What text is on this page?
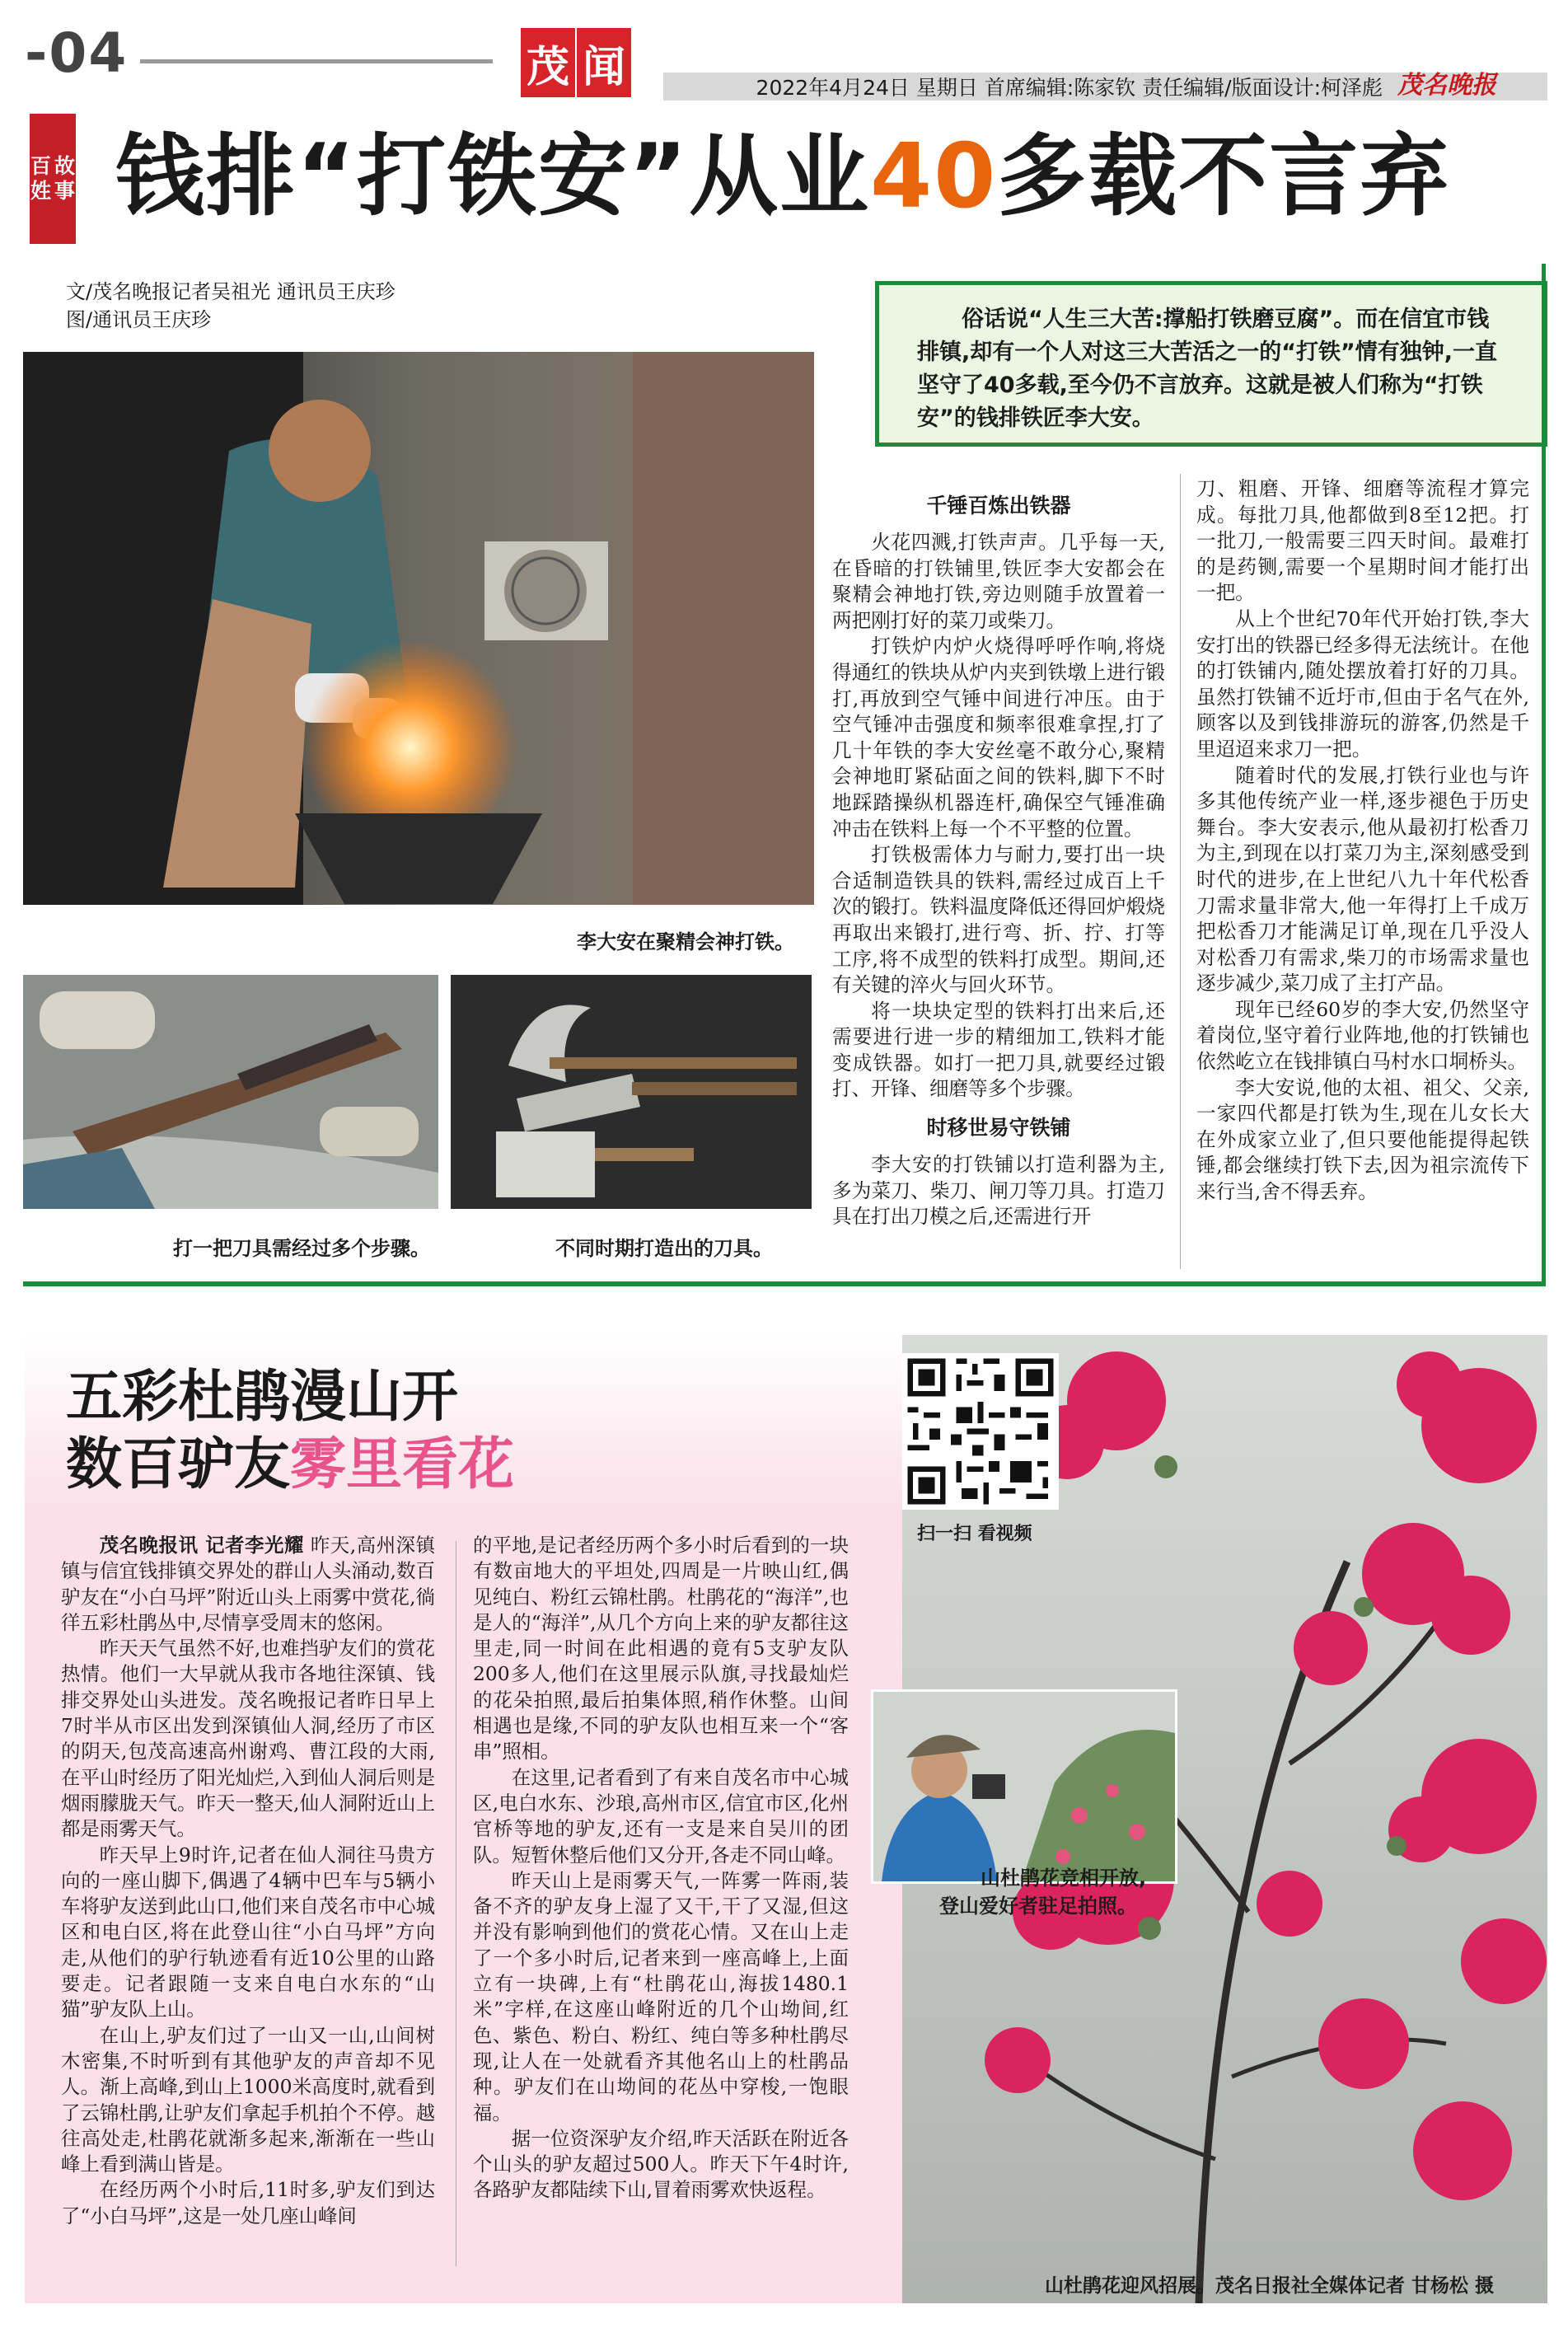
-04	茂 闻	2022年4月24日 星期日 首席编辑:陈家钦 责任编辑/版面设计:柯泽彪 茂名晚报
百
姓
故
事 钱排“打铁安”从业40多载不言弃
文/茂名晚报记者吴祖光 通讯员王庆珍
图/通讯员王庆珍	俗话说“人生三大苦:撑船打铁磨豆腐”。而在信宜市钱排镇,却有一个人对这三大苦活之一的“打铁”情有独钟,一直坚守了40多载,至今仍不言放弃。这就是被人们称为“打铁安”的钱排铁匠李大安。
李大安在聚精会神打铁。
打一把刀具需经过多个步骤。	不同时期打造出的刀具。

千锤百炼出铁器

火花四溅,打铁声声。几乎每一天,在昏暗的打铁铺里,铁匠李大安都会在聚精会神地打铁,旁边则随手放置着一两把刚打好的菜刀或柴刀。

打铁炉内炉火烧得呼呼作响,将烧得通红的铁块从炉内夹到铁墩上进行锻打,再放到空气锤中间进行冲压。由于空气锤冲击强度和频率很难拿捏,打了几十年铁的李大安丝毫不敢分心,聚精会神地盯紧砧面之间的铁料,脚下不时地踩踏操纵机器连杆,确保空气锤准确冲击在铁料上每一个不平整的位置。

打铁极需体力与耐力,要打出一块合适制造铁具的铁料,需经过成百上千次的锻打。铁料温度降低还得回炉煅烧再取出来锻打,进行弯、折、拧、打等工序,将不成型的铁料打成型。期间,还有关键的淬火与回火环节。

将一块块定型的铁料打出来后,还需要进行进一步的精细加工,铁料才能变成铁器。如打一把刀具,就要经过锻打、开锋、细磨等多个步骤。

时移世易守铁铺

李大安的打铁铺以打造利器为主,多为菜刀、柴刀、闸刀等刀具。打造刀具在打出刀模之后,还需进行开

刀、粗磨、开锋、细磨等流程才算完成。每批刀具,他都做到8至12把。打一批刀,一般需要三四天时间。最难打的是药铡,需要一个星期时间才能打出一把。

从上个世纪70年代开始打铁,李大安打出的铁器已经多得无法统计。在他的打铁铺内,随处摆放着打好的刀具。虽然打铁铺不近圩市,但由于名气在外,顾客以及到钱排游玩的游客,仍然是千里迢迢来求刀一把。

随着时代的发展,打铁行业也与许多其他传统产业一样,逐步褪色于历史舞台。李大安表示,他从最初打松香刀为主,到现在以打菜刀为主,深刻感受到时代的进步,在上世纪八九十年代松香刀需求量非常大,他一年得打上千成万把松香刀才能满足订单,现在几乎没人对松香刀有需求,柴刀的市场需求量也逐步减少,菜刀成了主打产品。

现年已经60岁的李大安,仍然坚守着岗位,坚守着行业阵地,他的打铁铺也依然屹立在钱排镇白马村水口垌桥头。

李大安说,他的太祖、祖父、父亲,一家四代都是打铁为生,现在儿女长大在外成家立业了,但只要他能提得起铁锤,都会继续打铁下去,因为祖宗流传下来行当,舍不得丢弃。

山杜鹃花竞相开放,
登山爱好者驻足拍照。
山杜鹃花迎风招展。茂名日报社全媒体记者 甘杨松 摄
扫一扫 看视频
五彩杜鹃漫山开
数百驴友雾里看花

茂名晚报讯 记者李光耀 昨天,高州深镇镇与信宜钱排镇交界处的群山人头涌动,数百驴友在“小白马坪”附近山头上雨雾中赏花,徜徉五彩杜鹃丛中,尽情享受周末的悠闲。

昨天天气虽然不好,也难挡驴友们的赏花热情。他们一大早就从我市各地往深镇、钱排交界处山头进发。茂名晚报记者昨日早上7时半从市区出发到深镇仙人洞,经历了市区的阴天,包茂高速高州谢鸡、曹江段的大雨,在平山时经历了阳光灿烂,入到仙人洞后则是烟雨朦胧天气。昨天一整天,仙人洞附近山上都是雨雾天气。

昨天早上9时许,记者在仙人洞往马贵方向的一座山脚下,偶遇了4辆中巴车与5辆小车将驴友送到此山口,他们来自茂名市中心城区和电白区,将在此登山往“小白马坪”方向走,从他们的驴行轨迹看有近10公里的山路要走。记者跟随一支来自电白水东的“山猫”驴友队上山。

在山上,驴友们过了一山又一山,山间树木密集,不时听到有其他驴友的声音却不见人。渐上高峰,到山上1000米高度时,就看到了云锦杜鹃,让驴友们拿起手机拍个不停。越往高处走,杜鹃花就渐多起来,渐渐在一些山峰上看到满山皆是。

在经历两个小时后,11时多,驴友们到达了“小白马坪”,这是一处几座山峰间

的平地,是记者经历两个多小时后看到的一块有数亩地大的平坦处,四周是一片映山红,偶见纯白、粉红云锦杜鹃。杜鹃花的“海洋”,也是人的“海洋”,从几个方向上来的驴友都往这里走,同一时间在此相遇的竟有5支驴友队200多人,他们在这里展示队旗,寻找最灿烂的花朵拍照,最后拍集体照,稍作休整。山间相遇也是缘,不同的驴友队也相互来一个“客串”照相。

在这里,记者看到了有来自茂名市中心城区,电白水东、沙琅,高州市区,信宜市区,化州官桥等地的驴友,还有一支是来自吴川的团队。短暂休整后他们又分开,各走不同山峰。

昨天山上是雨雾天气,一阵雾一阵雨,装备不齐的驴友身上湿了又干,干了又湿,但这并没有影响到他们的赏花心情。又在山上走了一个多小时后,记者来到一座高峰上,上面立有一块碑,上有“杜鹃花山,海拔1480.1米”字样,在这座山峰附近的几个山坳间,红色、紫色、粉白、粉红、纯白等多种杜鹃尽现,让人在一处就看齐其他名山上的杜鹃品种。驴友们在山坳间的花丛中穿梭,一饱眼福。

据一位资深驴友介绍,昨天活跃在附近各个山头的驴友超过500人。昨天下午4时许,各路驴友都陆续下山,冒着雨雾欢快返程。
